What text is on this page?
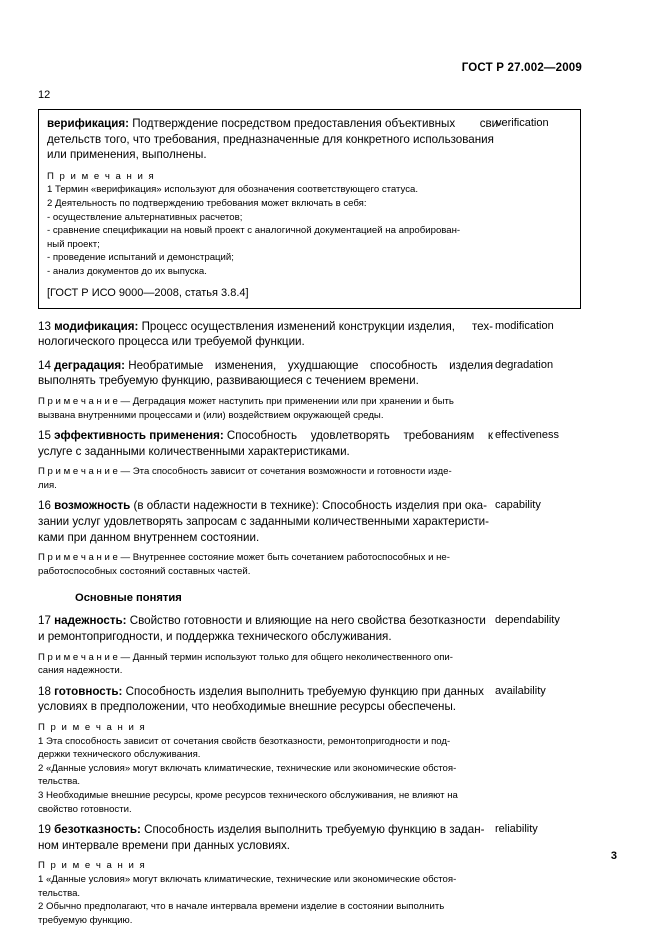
ГОСТ Р 27.002—2009
12
верификация: Подтверждение посредством предоставления объективных сви-
детельств того, что требования, предназначенные для конкретного использования
или применения, выполнены.
verification
П р и м е ч а н и я
1 Термин «верификация» используют для обозначения соответствующего статуса.
2 Деятельность по подтверждению требования может включать в себя:
- осуществление альтернативных расчетов;
- сравнение спецификации на новый проект с аналогичной документацией на апробирован-
ный проект;
- проведение испытаний и демонстраций;
- анализ документов до их выпуска.
[ГОСТ Р ИСО 9000—2008, статья 3.8.4]
13 модификация: Процесс осуществления изменений конструкции изделия, тех-
нологического процесса или требуемой функции.
modification
14 деградация: Необратимые изменения, ухудшающие способность изделия
выполнять требуемую функцию, развивающиеся с течением времени.
degradation
П р и м е ч а н и е — Деградация может наступить при применении или при хранении и быть
вызвана внутренними процессами и (или) воздействием окружающей среды.
15 эффективность применения: Способность удовлетворять требованиям к
услуге с заданными количественными характеристиками.
effectiveness
П р и м е ч а н и е — Эта способность зависит от сочетания возможности и готовности изде-
лия.
16 возможность (в области надежности в технике): Способность изделия при ока-
зании услуг удовлетворять запросам с заданными количественными характеристи-
ками при данном внутреннем состоянии.
capability
П р и м е ч а н и е — Внутреннее состояние может быть сочетанием работоспособных и не-
работоспособных состояний составных частей.
Основные понятия
17 надежность: Свойство готовности и влияющие на него свойства безотказности
и ремонтопригодности, и поддержка технического обслуживания.
dependability
П р и м е ч а н и е — Данный термин используют только для общего неколичественного опи-
сания надежности.
18 готовность: Способность изделия выполнить требуемую функцию при данных
условиях в предположении, что необходимые внешние ресурсы обеспечены.
availability
П р и м е ч а н и я
1 Эта способность зависит от сочетания свойств безотказности, ремонтопригодности и под-
держки технического обслуживания.
2 «Данные условия» могут включать климатические, технические или экономические обстоя-
тельства.
3 Необходимые внешние ресурсы, кроме ресурсов технического обслуживания, не влияют на
свойство готовности.
19 безотказность: Способность изделия выполнить требуемую функцию в задан-
ном интервале времени при данных условиях.
reliability
П р и м е ч а н и я
1 «Данные условия» могут включать климатические, технические или экономические обстоя-
тельства.
2 Обычно предполагают, что в начале интервала времени изделие в состоянии выполнить
требуемую функцию.
3
